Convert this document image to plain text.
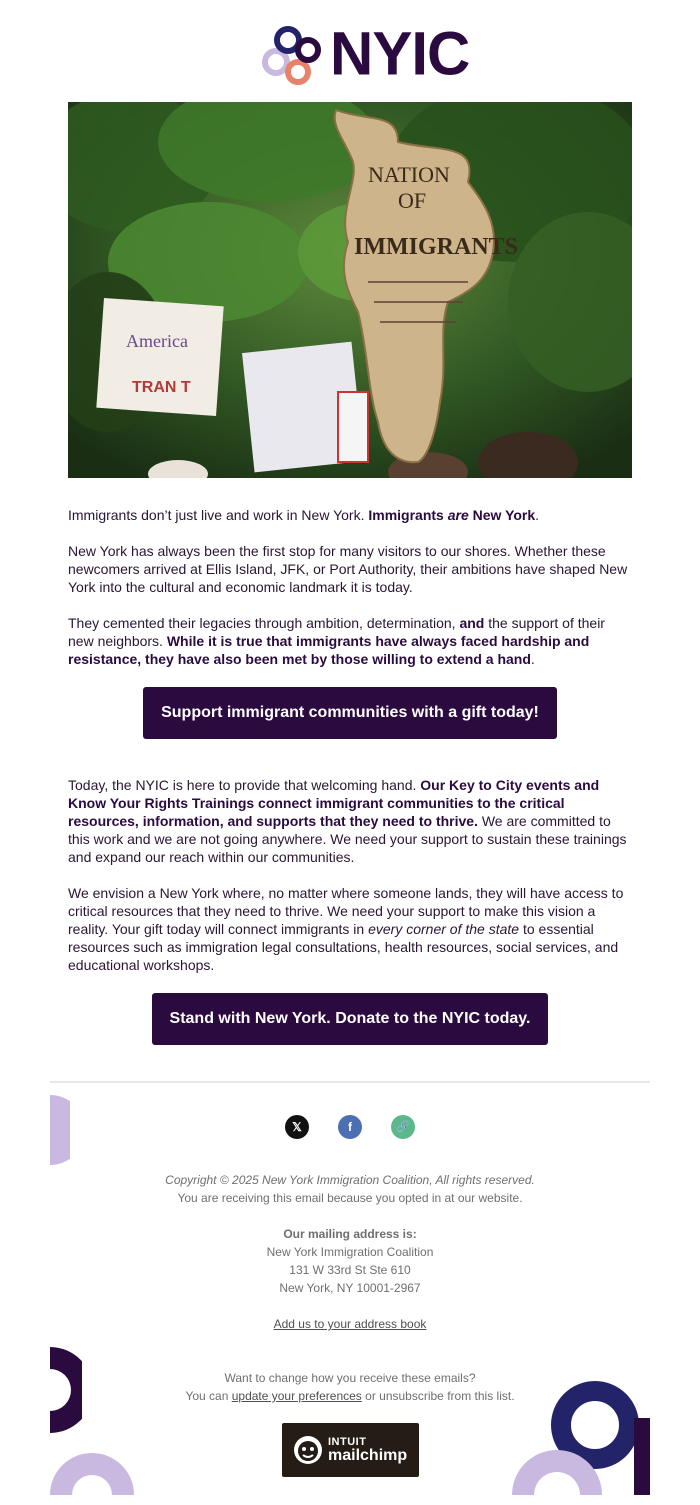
NYIC
America
TRAN T
NATION
OF
IMMIGRANTS

Immigrants don’t just live and work in New York. Immigrants are New York.

New York has always been the first stop for many visitors to our shores. Whether these newcomers arrived at Ellis Island, JFK, or Port Authority, their ambitions have shaped New York into the cultural and economic landmark it is today.

They cemented their legacies through ambition, determination, and the support of their new neighbors. While it is true that immigrants have always faced hardship and resistance, they have also been met by those willing to extend a hand.

Support immigrant communities with a gift today!

Today, the NYIC is here to provide that welcoming hand. Our Key to City events and Know Your Rights Trainings connect immigrant communities to the critical resources, information, and supports that they need to thrive. We are committed to this work and we are not going anywhere. We need your support to sustain these trainings and expand our reach within our communities.

We envision a New York where, no matter where someone lands, they will have access to critical resources that they need to thrive. We need your support to make this vision a reality. Your gift today will connect immigrants in every corner of the state to essential resources such as immigration legal consultations, health resources, social services, and educational workshops.

Stand with New York. Donate to the NYIC today.
𝕏	f	🔗
Copyright © 2025 New York Immigration Coalition, All rights reserved.
You are receiving this email because you opted in at our website.
Our mailing address is:
New York Immigration Coalition
131 W 33rd St Ste 610
New York, NY 10001-2967
Add us to your address book
Want to change how you receive these emails?
You can update your preferences or unsubscribe from this list.
INTUIT
mailchimp
